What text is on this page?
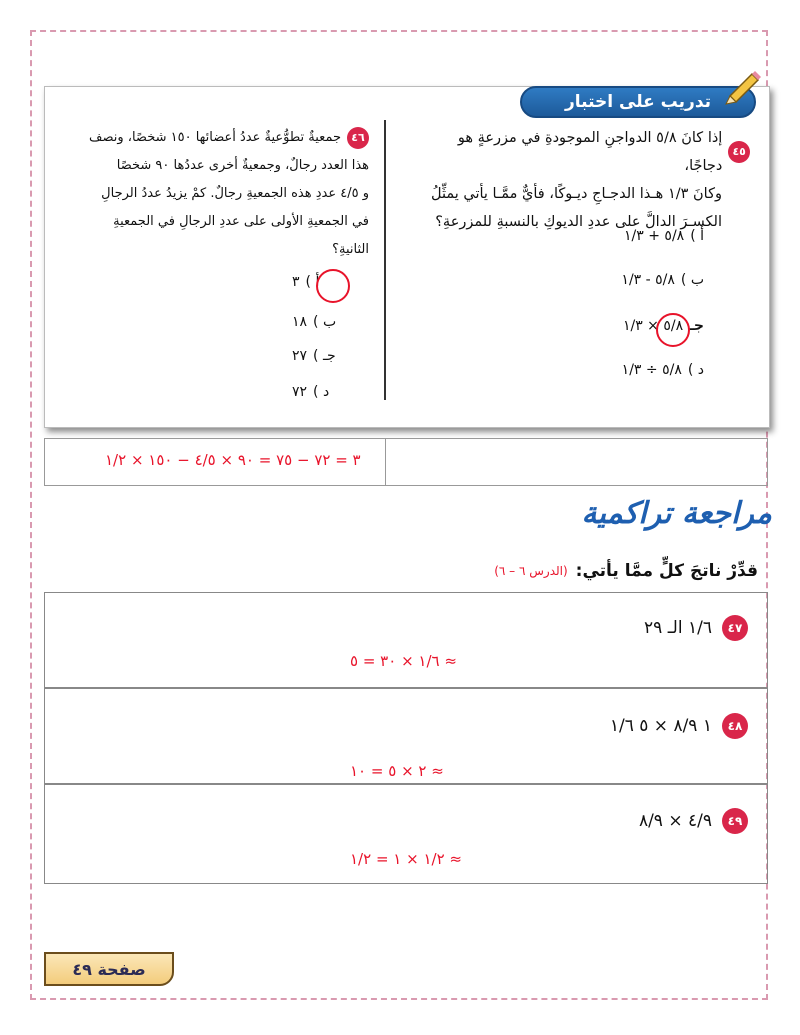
تدريب على اختبار
٤٥
إذا كانَ ٥/٨ الدواجنِ الموجودةِ في مزرعةٍ هو دجاجًا،
وكانَ ١/٣ هـذا الدجـاجِ ديـوكًا، فأيٌّ ممَّـا يأتي يمثِّلُ
الكسـرَ الدالَّ على عددِ الديوكِ بالنسبةِ للمزرعةِ؟
أ )
٥/٨ + ١/٣
ب )
٥/٨ - ١/٣
جـ
٥/٨ × ١/٣
د )
٥/٨ ÷ ١/٣
٤٦
جمعيةٌ تطوُّعيةٌ عددُ أعضائها ١٥٠ شخصًا، ونصف
هذا العدد رجالٌ، وجمعيةٌ أخرى عددُها ٩٠ شخصًا
و ٤/٥ عددِ هذه الجمعيةِ رجالٌ. كمْ يزيدُ عددُ الرجالِ
في الجمعيةِ الأولى على عددِ الرجالِ في الجمعيةِ
الثانيةِ؟
أ )
٣
ب )
١٨
جـ )
٢٧
د )
٧٢
٣ = ٧٢ − ٧٥ = ٩٠ × ٤/٥ − ١٥٠ × ١/٢
مراجعة تراكمية
قدِّرْ ناتجَ كلٍّ ممَّا يأتي:
(الدرس ٦ – ٦)
٤٧
١/٦ الـ ٢٩
≈ ١/٦ × ٣٠ = ٥
٤٨
١ ٨/٩ × ٥ ١/٦
≈ ٢ × ٥ = ١٠
٤٩
٤/٩ × ٨/٩
≈ ١/٢ × ١ = ١/٢
صفحة ٤٩
